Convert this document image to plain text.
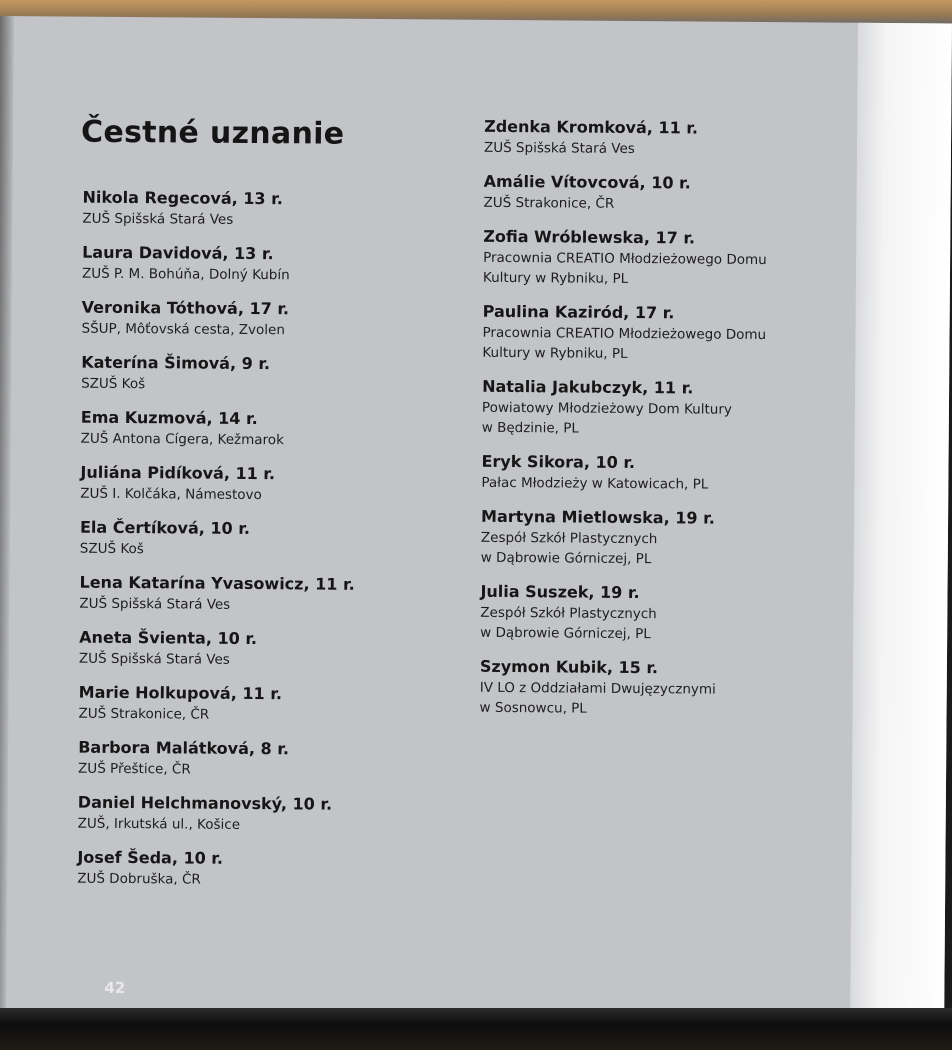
Čestné uznanie
Nikola Regecová, 13 r.
ZUŠ Spišská Stará Ves
Laura Davidová, 13 r.
ZUŠ P. M. Bohúňa, Dolný Kubín
Veronika Tóthová, 17 r.
SŠUP, Môťovská cesta, Zvolen
Katerína Šimová, 9 r.
SZUŠ Koš
Ema Kuzmová, 14 r.
ZUŠ Antona Cígera, Kežmarok
Juliána Pidíková, 11 r.
ZUŠ I. Kolčáka, Námestovo
Ela Čertíková, 10 r.
SZUŠ Koš
Lena Katarína Yvasowicz, 11 r.
ZUŠ Spišská Stará Ves
Aneta Švienta, 10 r.
ZUŠ Spišská Stará Ves
Marie Holkupová, 11 r.
ZUŠ Strakonice, ČR
Barbora Malátková, 8 r.
ZUŠ Přeštice, ČR
Daniel Helchmanovský, 10 r.
ZUŠ, Irkutská ul., Košice
Josef Šeda, 10 r.
ZUŠ Dobruška, ČR
Zdenka Kromková, 11 r.
ZUŠ Spišská Stará Ves
Amálie Vítovcová, 10 r.
ZUŠ Strakonice, ČR
Zofia Wróblewska, 17 r.
Pracownia CREATIO Młodzieżowego Domu
Kultury w Rybniku, PL
Paulina Kaziród, 17 r.
Pracownia CREATIO Młodzieżowego Domu
Kultury w Rybniku, PL
Natalia Jakubczyk, 11 r.
Powiatowy Młodzieżowy Dom Kultury
w Będzinie, PL
Eryk Sikora, 10 r.
Pałac Młodzieży w Katowicach, PL
Martyna Mietlowska, 19 r.
Zespół Szkół Plastycznych
w Dąbrowie Górniczej, PL
Julia Suszek, 19 r.
Zespół Szkół Plastycznych
w Dąbrowie Górniczej, PL
Szymon Kubik, 15 r.
IV LO z Oddziałami Dwujęzycznymi
w Sosnowcu, PL
42
